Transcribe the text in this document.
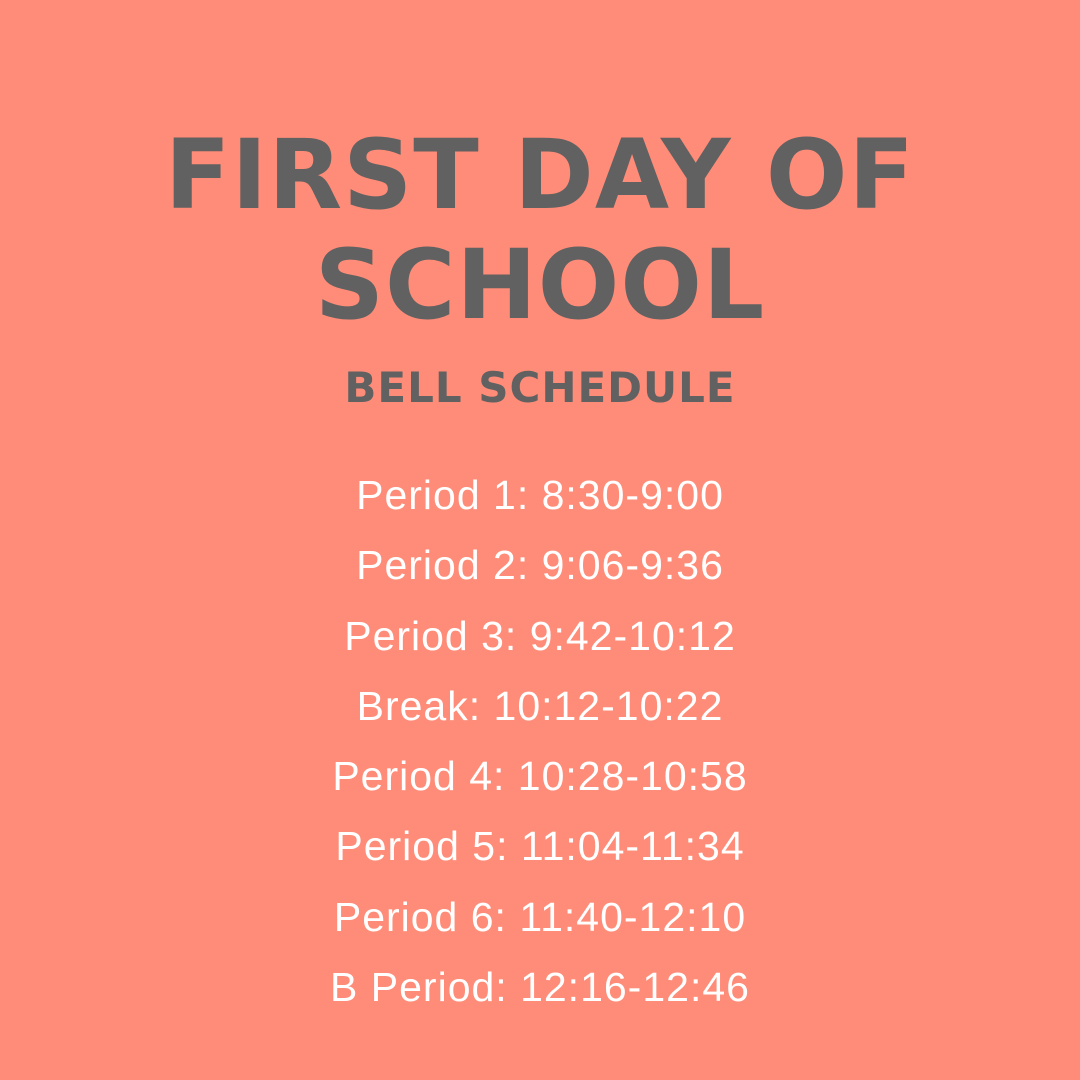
FIRST DAY OF
SCHOOL
BELL SCHEDULE
Period 1: 8:30-9:00
Period 2: 9:06-9:36
Period 3: 9:42-10:12
Break: 10:12-10:22
Period 4: 10:28-10:58
Period 5: 11:04-11:34
Period 6: 11:40-12:10
B Period: 12:16-12:46
